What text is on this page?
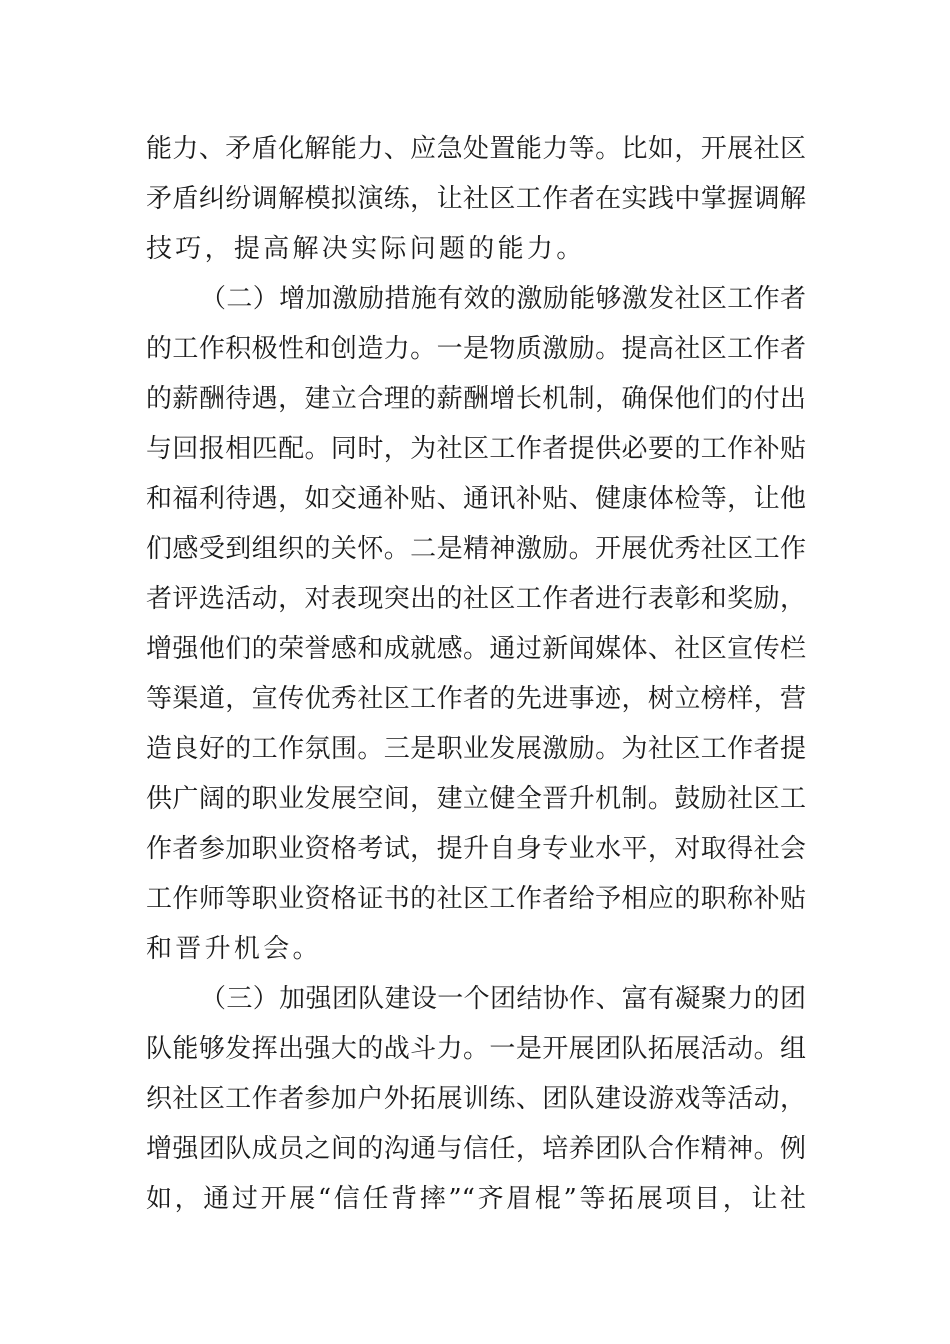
能力、矛盾化解能力、应急处置能力等。比如，开展社区
矛盾纠纷调解模拟演练，让社区工作者在实践中掌握调解
技巧，提高解决实际问题的能力。
（二）增加激励措施有效的激励能够激发社区工作者
的工作积极性和创造力。一是物质激励。提高社区工作者
的薪酬待遇，建立合理的薪酬增长机制，确保他们的付出
与回报相匹配。同时，为社区工作者提供必要的工作补贴
和福利待遇，如交通补贴、通讯补贴、健康体检等，让他
们感受到组织的关怀。二是精神激励。开展优秀社区工作
者评选活动，对表现突出的社区工作者进行表彰和奖励，
增强他们的荣誉感和成就感。通过新闻媒体、社区宣传栏
等渠道，宣传优秀社区工作者的先进事迹，树立榜样，营
造良好的工作氛围。三是职业发展激励。为社区工作者提
供广阔的职业发展空间，建立健全晋升机制。鼓励社区工
作者参加职业资格考试，提升自身专业水平，对取得社会
工作师等职业资格证书的社区工作者给予相应的职称补贴
和晋升机会。
（三）加强团队建设一个团结协作、富有凝聚力的团
队能够发挥出强大的战斗力。一是开展团队拓展活动。组
织社区工作者参加户外拓展训练、团队建设游戏等活动，
增强团队成员之间的沟通与信任，培养团队合作精神。例
如，通过开展“信任背摔”“齐眉棍”等拓展项目，让社
